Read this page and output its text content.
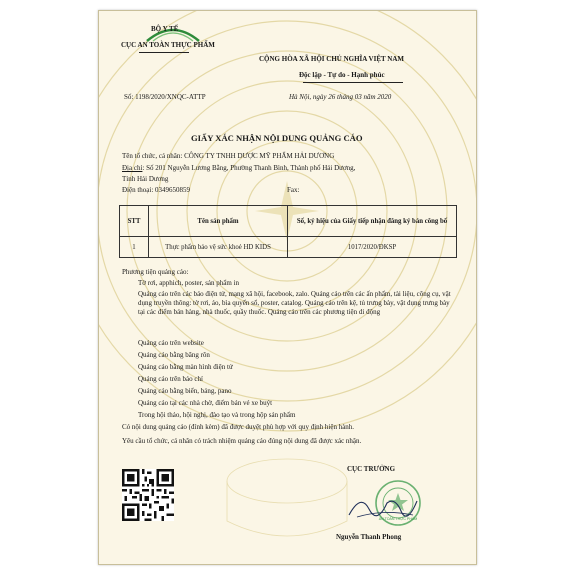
BỘ Y TẾ
CỤC AN TOÀN THỰC PHẨM
Số: 1198/2020/XNQC-ATTP
CỘNG HÒA XÃ HỘI CHỦ NGHĨA VIỆT NAM
Độc lập - Tự do - Hạnh phúc
Hà Nội, ngày 26 tháng 03 năm 2020
GIẤY XÁC NHẬN NỘI DUNG QUẢNG CÁO
Tên tổ chức, cá nhân: CÔNG TY TNHH DƯỢC MỸ PHẨM HẢI DƯƠNG
Địa chỉ: Số 201 Nguyễn Lương Bằng, Phường Thanh Bình, Thành phố Hải Dương,
Tỉnh Hải Dương
Điện thoại: 0349650859	Fax:
STT	Tên sản phẩm	Số, ký hiệu của Giấy tiếp nhận đăng ký bản công bố
1	Thực phẩm bảo vệ sức khoẻ HD KIDS	1017/2020/ĐKSP
Phương tiện quảng cáo:
Tờ rơi, apphich, poster, sản phẩm in
Quảng cáo trên các báo điện tử, mạng xã hội, facebook, zalo. Quảng cáo trên các ấn phẩm, tài liệu, công cụ, vật dụng truyền thông: tờ rơi, áo, bìa quyển sổ, poster, catalog. Quảng cáo trên kệ, tủ trưng bày, vật dụng trưng bày tại các điểm bán hàng, nhà thuốc, quầy thuốc. Quảng cáo trên các phương tiện di động
Quảng cáo trên website
Quảng cáo bằng băng rôn
Quảng cáo bằng màn hình điện tử
Quảng cáo trên báo chí
Quảng cáo bằng biển, bảng, pano
Quảng cáo tại các nhà chờ, điểm bán vé xe buýt
Trong hội thảo, hội nghị, đào tạo và trong hộp sản phẩm
Có nội dung quảng cáo (đính kèm) đã được duyệt phù hợp với quy định hiện hành.
Yêu cầu tổ chức, cá nhân có trách nhiệm quảng cáo đúng nội dung đã được xác nhận.
CỤC TRƯỞNG
AN TOÀN THỰC PHẨM
Nguyễn Thanh Phong
